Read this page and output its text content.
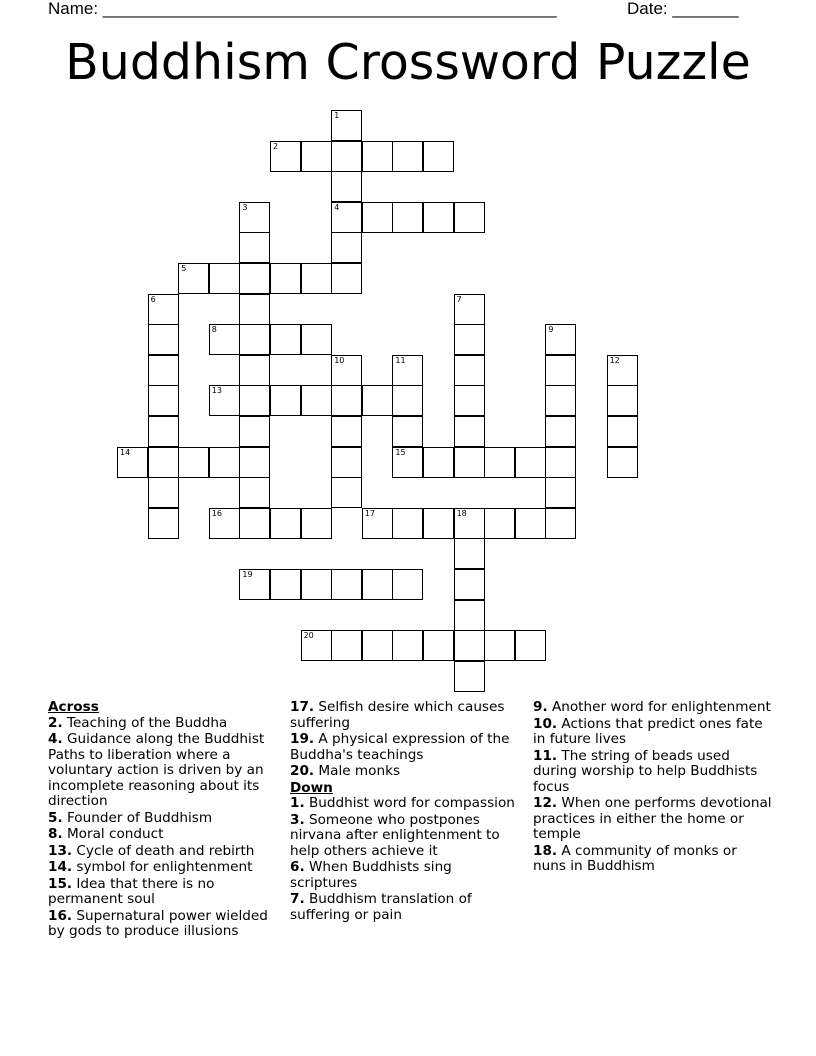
Name: ________________________________________________	Date: _______
Buddhism Crossword Puzzle
1
4
2
3
5
6	7
8	9
10	11
15
12
13
14
16	17	18
19
20
Across
2. Teaching of the Buddha
4. Guidance along the Buddhist Paths to liberation where a voluntary action is driven by an incomplete reasoning about its direction
5. Founder of Buddhism
8. Moral conduct
13. Cycle of death and rebirth
14. symbol for enlightenment
15. Idea that there is no permanent soul
16. Supernatural power wielded by gods to produce illusions
17. Selfish desire which causes suffering
19. A physical expression of the Buddha's teachings
20. Male monks
Down
1. Buddhist word for compassion
3. Someone who postpones nirvana after enlightenment to help others achieve it
6. When Buddhists sing scriptures
7. Buddhism translation of suffering or pain
9. Another word for enlightenment
10. Actions that predict ones fate in future lives
11. The string of beads used during worship to help Buddhists focus
12. When one performs devotional practices in either the home or temple
18. A community of monks or nuns in Buddhism
